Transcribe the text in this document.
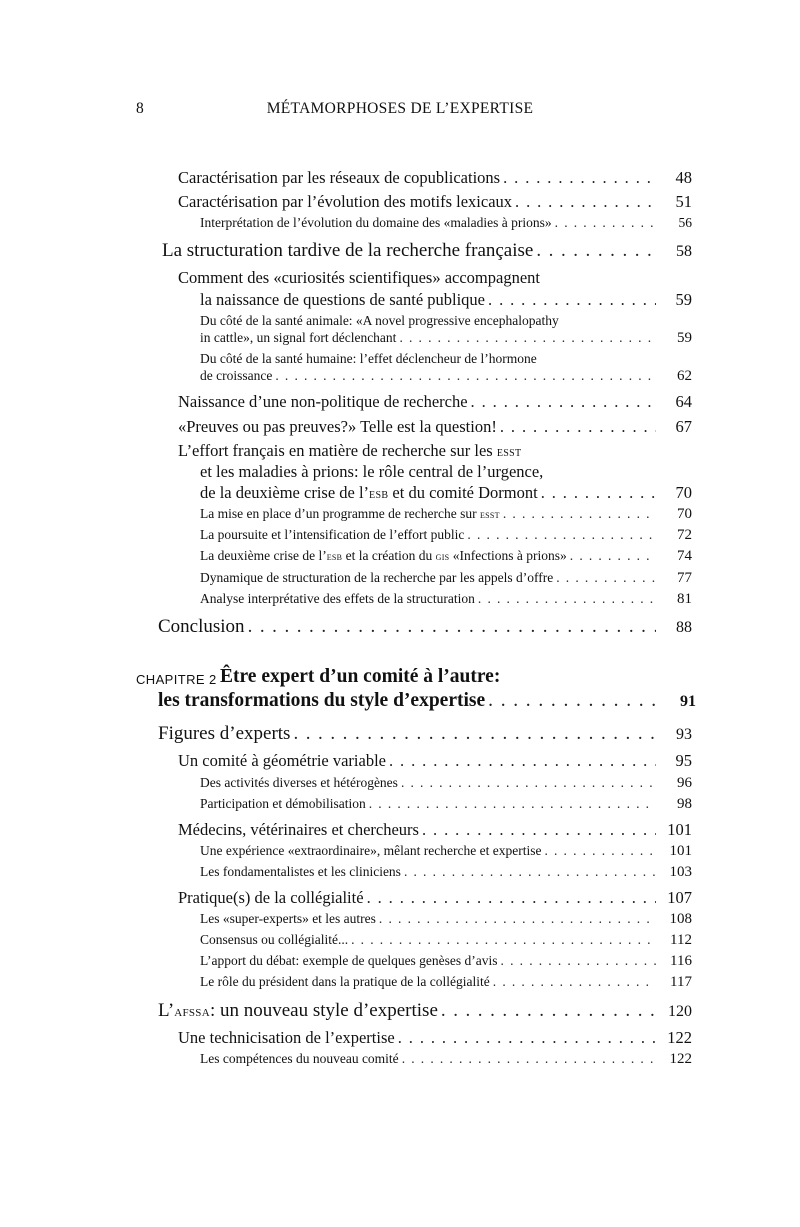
8	MÉTAMORPHOSES DE L’EXPERTISE
Caractérisation par les réseaux de copublications . . .	48
Caractérisation par l’évolution des motifs lexicaux . . .	51
Interprétation de l’évolution du domaine des «maladies à prions» . . .	56
La structuration tardive de la recherche française . . .	58
Comment des «curiosités scientifiques» accompagnent
la naissance de questions de santé publique . . .	59
Du côté de la santé animale: «A novel progressive encephalopathy
in cattle», un signal fort déclenchant . . .	59
Du côté de la santé humaine: l’effet déclencheur de l’hormone
de croissance . . .	62
Naissance d’une non-politique de recherche . . .	64
«Preuves ou pas preuves?» Telle est la question! . . .	67
L’effort français en matière de recherche sur les esst
et les maladies à prions: le rôle central de l’urgence,
de la deuxième crise de l’esb et du comité Dormont . . .	70
La mise en place d’un programme de recherche sur esst . . .	70
La poursuite et l’intensification de l’effort public . . .	72
La deuxième crise de l’esb et la création du gis «Infections à prions» . . .	74
Dynamique de structuration de la recherche par les appels d’offre . . .	77
Analyse interprétative des effets de la structuration . . .	81
Conclusion . . .	88
CHAPITRE 2 Être expert d’un comité à l’autre:
les transformations du style d’expertise . . .	91
Figures d’experts . . .	93
Un comité à géométrie variable . . .	95
Des activités diverses et hétérogènes . . .	96
Participation et démobilisation . . .	98
Médecins, vétérinaires et chercheurs . . .	101
Une expérience «extraordinaire», mêlant recherche et expertise . . .	101
Les fondamentalistes et les cliniciens . . .	103
Pratique(s) de la collégialité . . .	107
Les «super-experts» et les autres . . .	108
Consensus ou collégialité... . . .	112
L’apport du débat: exemple de quelques genèses d’avis . . .	116
Le rôle du président dans la pratique de la collégialité . . .	117
L’afssa: un nouveau style d’expertise . . .	120
Une technicisation de l’expertise . . .	122
Les compétences du nouveau comité . . .	122
